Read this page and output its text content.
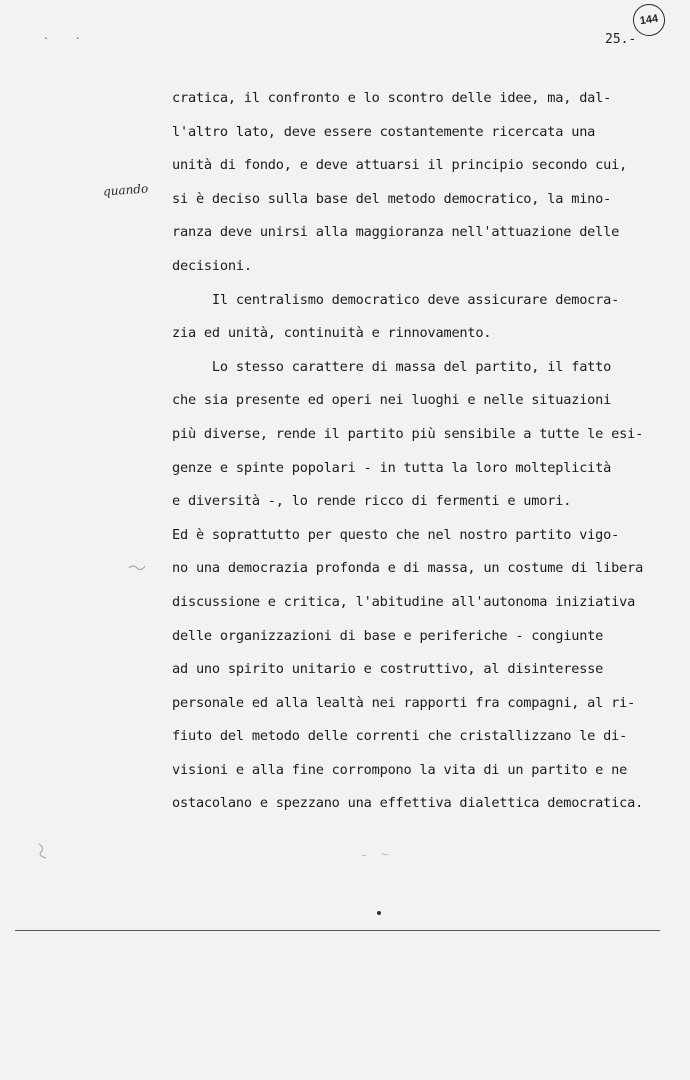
. .
144
25.-
quando
cratica, il confronto e lo scontro delle idee, ma, dal-
l'altro lato, deve essere costantemente ricercata una
unità di fondo, e deve attuarsi il principio secondo cui,
si è deciso sulla base del metodo democratico, la mino-
ranza deve unirsi alla maggioranza nell'attuazione delle
decisioni.
Il centralismo democratico deve assicurare democra-
zia ed unità, continuità e rinnovamento.
Lo stesso carattere di massa del partito, il fatto
che sia presente ed operi nei luoghi e nelle situazioni
più diverse, rende il partito più sensibile a tutte le esi-
genze e spinte popolari - in tutta la loro molteplicità
e diversità -, lo rende ricco di fermenti e umori.
Ed è soprattutto per questo che nel nostro partito vigo-
no una democrazia profonda e di massa, un costume di libera
discussione e critica, l'abitudine all'autonoma iniziativa
delle organizzazioni di base e periferiche - congiunte
ad uno spirito unitario e costruttivo, al disinteresse
personale ed alla lealtà nei rapporti fra compagni, al ri-
fiuto del metodo delle correnti che cristallizzano le di-
visioni e alla fine corrompono la vita di un partito e ne
ostacolano e spezzano una effettiva dialettica democratica.
